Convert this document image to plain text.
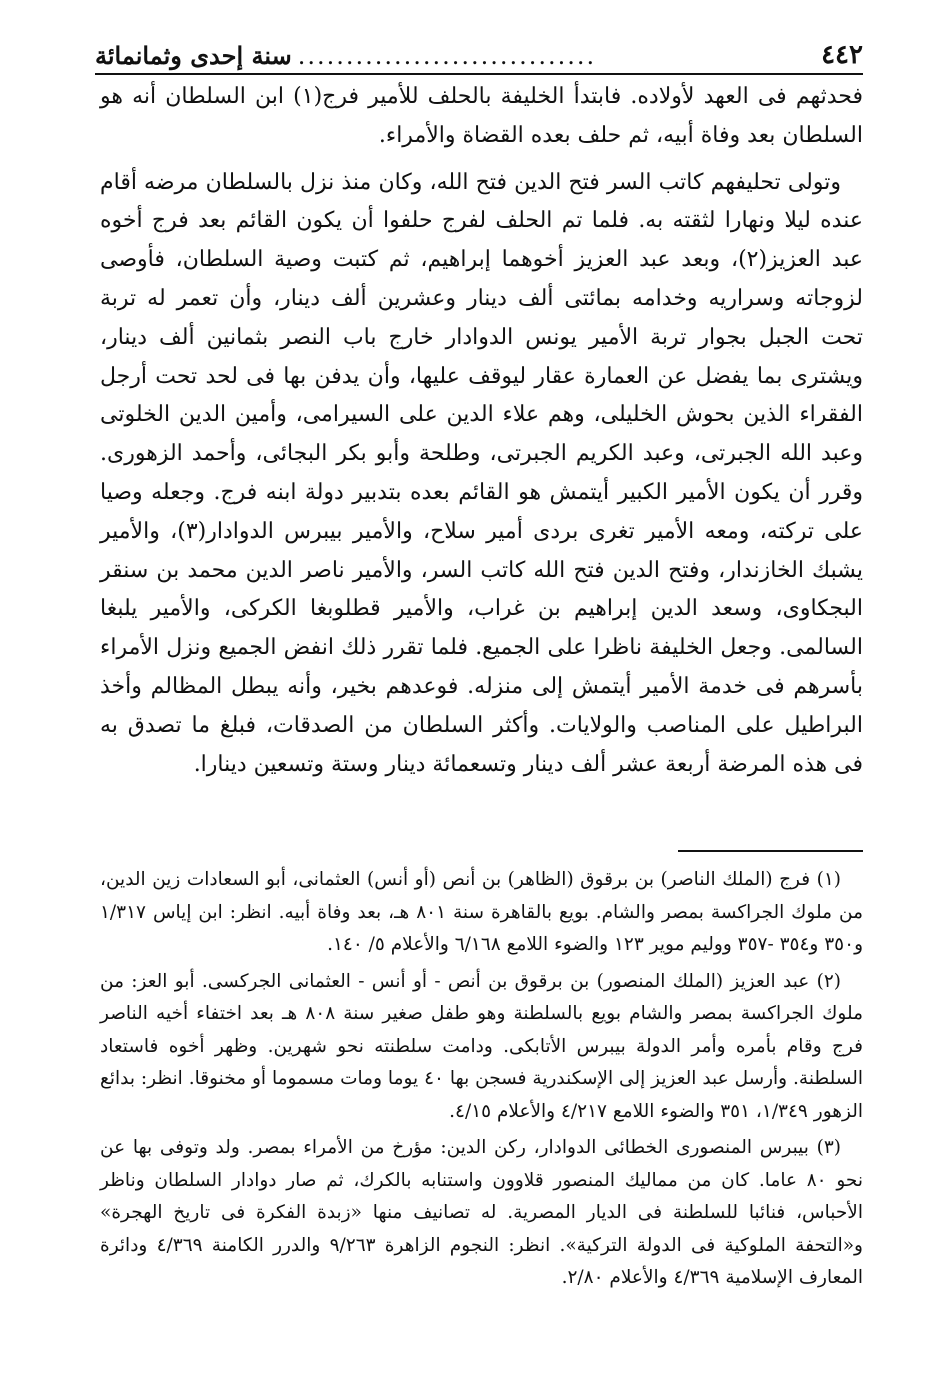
٤٤٢
...............................
سنة إحدى وثمانمائة

فحدثهم فى العهد لأولاده. فابتدأ الخليفة بالحلف للأمير فرج(١) ابن السلطان أنه هو السلطان بعد وفاة أبيه، ثم حلف بعده القضاة والأمراء.

وتولى تحليفهم كاتب السر فتح الدين فتح الله، وكان منذ نزل بالسلطان مرضه أقام عنده ليلا ونهارا لثقته به. فلما تم الحلف لفرج حلفوا أن يكون القائم بعد فرج أخوه عبد العزيز(٢)، وبعد عبد العزيز أخوهما إبراهيم، ثم كتبت وصية السلطان، فأوصى لزوجاته وسراريه وخدامه بمائتى ألف دينار وعشرين ألف دينار، وأن تعمر له تربة تحت الجبل بجوار تربة الأمير يونس الدوادار خارج باب النصر بثمانين ألف دينار، ويشترى بما يفضل عن العمارة عقار ليوقف عليها، وأن يدفن بها فى لحد تحت أرجل الفقراء الذين بحوش الخليلى، وهم علاء الدين على السيرامى، وأمين الدين الخلوتى وعبد الله الجبرتى، وعبد الكريم الجبرتى، وطلحة وأبو بكر البجائى، وأحمد الزهورى. وقرر أن يكون الأمير الكبير أيتمش هو القائم بعده بتدبير دولة ابنه فرج. وجعله وصيا على تركته، ومعه الأمير تغرى بردى أمير سلاح، والأمير بيبرس الدوادار(٣)، والأمير يشبك الخازندار، وفتح الدين فتح الله كاتب السر، والأمير ناصر الدين محمد بن سنقر البجكاوى، وسعد الدين إبراهيم بن غراب، والأمير قطلوبغا الكركى، والأمير يلبغا السالمى. وجعل الخليفة ناظرا على الجميع. فلما تقرر ذلك انفض الجميع ونزل الأمراء بأسرهم فى خدمة الأمير أيتمش إلى منزله. فوعدهم بخير، وأنه يبطل المظالم وأخذ البراطيل على المناصب والولايات. وأكثر السلطان من الصدقات، فبلغ ما تصدق به فى هذه المرضة أربعة عشر ألف دينار وتسعمائة دينار وستة وتسعين دينارا.

(١) فرج (الملك الناصر) بن برقوق (الظاهر) بن أنص (أو أنس) العثمانى، أبو السعادات زين الدين، من ملوك الجراكسة بمصر والشام. بويع بالقاهرة سنة ٨٠١ هـ، بعد وفاة أبيه. انظر: ابن إياس ١/٣١٧ و٣٥٠ و٣٥٤ -٣٥٧ ووليم موير ١٢٣ والضوء اللامع ٦/١٦٨ والأعلام ٥/ ١٤٠.

(٢) عبد العزيز (الملك المنصور) بن برقوق بن أنص - أو أنس - العثمانى الجركسى. أبو العز: من ملوك الجراكسة بمصر والشام بويع بالسلطنة وهو طفل صغير سنة ٨٠٨ هـ بعد اختفاء أخيه الناصر فرج وقام بأمره وأمر الدولة بيبرس الأتابكى. ودامت سلطنته نحو شهرين. وظهر أخوه فاستعاد السلطنة. وأرسل عبد العزيز إلى الإسكندرية فسجن بها ٤٠ يوما ومات مسموما أو مخنوقا. انظر: بدائع الزهور ١/٣٤٩، ٣٥١ والضوء اللامع ٤/٢١٧ والأعلام ٤/١٥.

(٣) بيبرس المنصورى الخطائى الدوادار، ركن الدين: مؤرخ من الأمراء بمصر. ولد وتوفى بها عن نحو ٨٠ عاما. كان من مماليك المنصور قلاوون واستنابه بالكرك، ثم صار دوادار السلطان وناظر الأحباس، فنائبا للسلطنة فى الديار المصرية. له تصانيف منها «زبدة الفكرة فى تاريخ الهجرة» و«التحفة الملوكية فى الدولة التركية». انظر: النجوم الزاهرة ٩/٢٦٣ والدرر الكامنة ٤/٣٦٩ ودائرة المعارف الإسلامية ٤/٣٦٩ والأعلام ٢/٨٠.
